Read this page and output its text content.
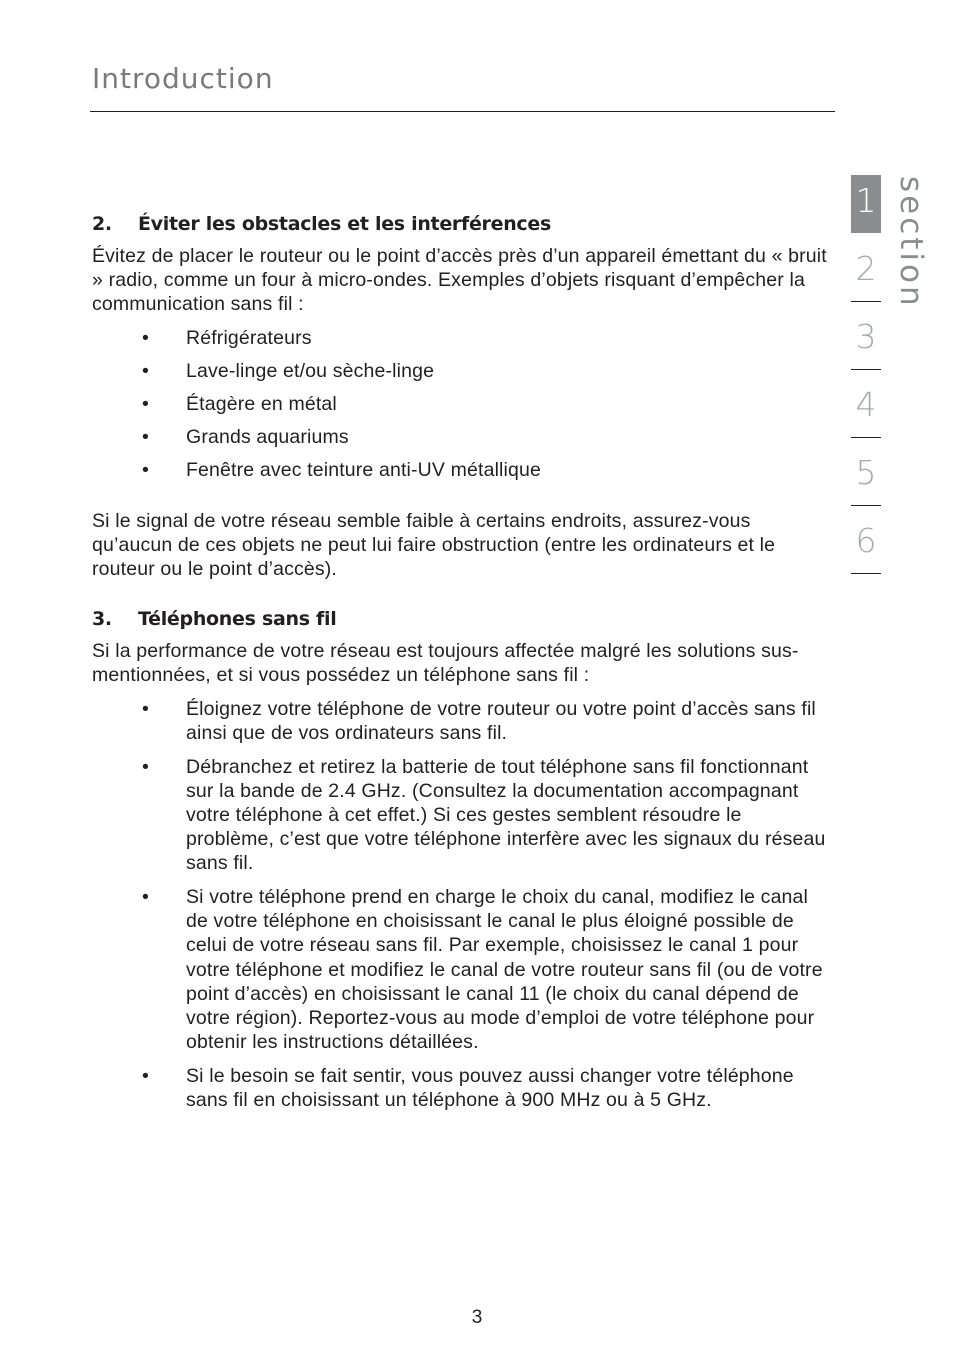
Introduction
2.	Éviter les obstacles et les interférences

Évitez de placer le routeur ou le point d’accès près d’un appareil émettant du « bruit » radio, comme un four à micro-ondes. Exemples d’objets risquant d’empêcher la communication sans fil :

• Réfrigérateurs
• Lave-linge et/ou sèche-linge
• Étagère en métal
• Grands aquariums
• Fenêtre avec teinture anti-UV métallique

Si le signal de votre réseau semble faible à certains endroits, assurez-vous qu’aucun de ces objets ne peut lui faire obstruction (entre les ordinateurs et le routeur ou le point d’accès).

3.	Téléphones sans fil

Si la performance de votre réseau est toujours affectée malgré les solutions sus-mentionnées, et si vous possédez un téléphone sans fil :

• Éloignez votre téléphone de votre routeur ou votre point d’accès sans fil ainsi que de vos ordinateurs sans fil.
• Débranchez et retirez la batterie de tout téléphone sans fil fonctionnant sur la bande de 2.4 GHz. (Consultez la documentation accompagnant votre téléphone à cet effet.) Si ces gestes semblent résoudre le problème, c’est que votre téléphone interfère avec les signaux du réseau sans fil.
• Si votre téléphone prend en charge le choix du canal, modifiez le canal de votre téléphone en choisissant le canal le plus éloigné possible de celui de votre réseau sans fil. Par exemple, choisissez le canal 1 pour votre téléphone et modifiez le canal de votre routeur sans fil (ou de votre point d’accès) en choisissant le canal 11 (le choix du canal dépend de votre région). Reportez-vous au mode d’emploi de votre téléphone pour obtenir les instructions détaillées.
• Si le besoin se fait sentir, vous pouvez aussi changer votre téléphone sans fil en choisissant un téléphone à 900 MHz ou à 5 GHz.
1
2
3
4
5
6
section
3
